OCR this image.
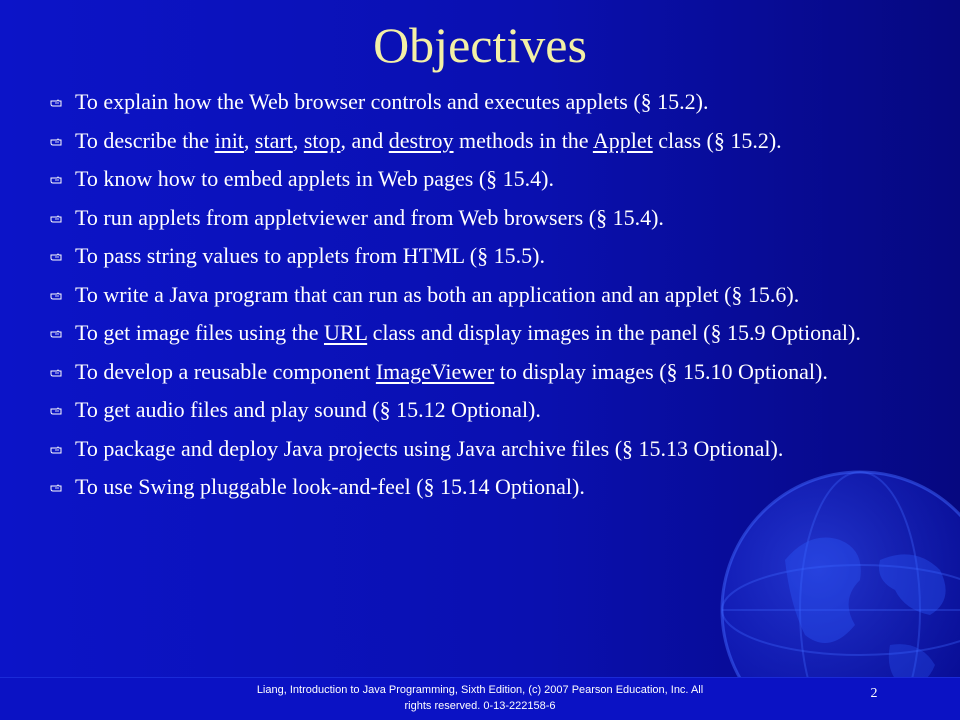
Objectives
To explain how the Web browser controls and executes applets (§ 15.2).
To describe the init, start, stop, and destroy methods in the Applet class (§ 15.2).
To know how to embed applets in Web pages (§ 15.4).
To run applets from appletviewer and from Web browsers (§ 15.4).
To pass string values to applets from HTML (§ 15.5).
To write a Java program that can run as both an application and an applet (§ 15.6).
To get image files using the URL class and display images in the panel (§ 15.9 Optional).
To develop a reusable component ImageViewer to display images (§ 15.10 Optional).
To get audio files and play sound (§ 15.12 Optional).
To package and deploy Java projects using Java archive files (§ 15.13 Optional).
To use Swing pluggable look-and-feel (§ 15.14 Optional).
Liang, Introduction to Java Programming, Sixth Edition, (c) 2007 Pearson Education, Inc. All
rights reserved. 0-13-222158-6
2
